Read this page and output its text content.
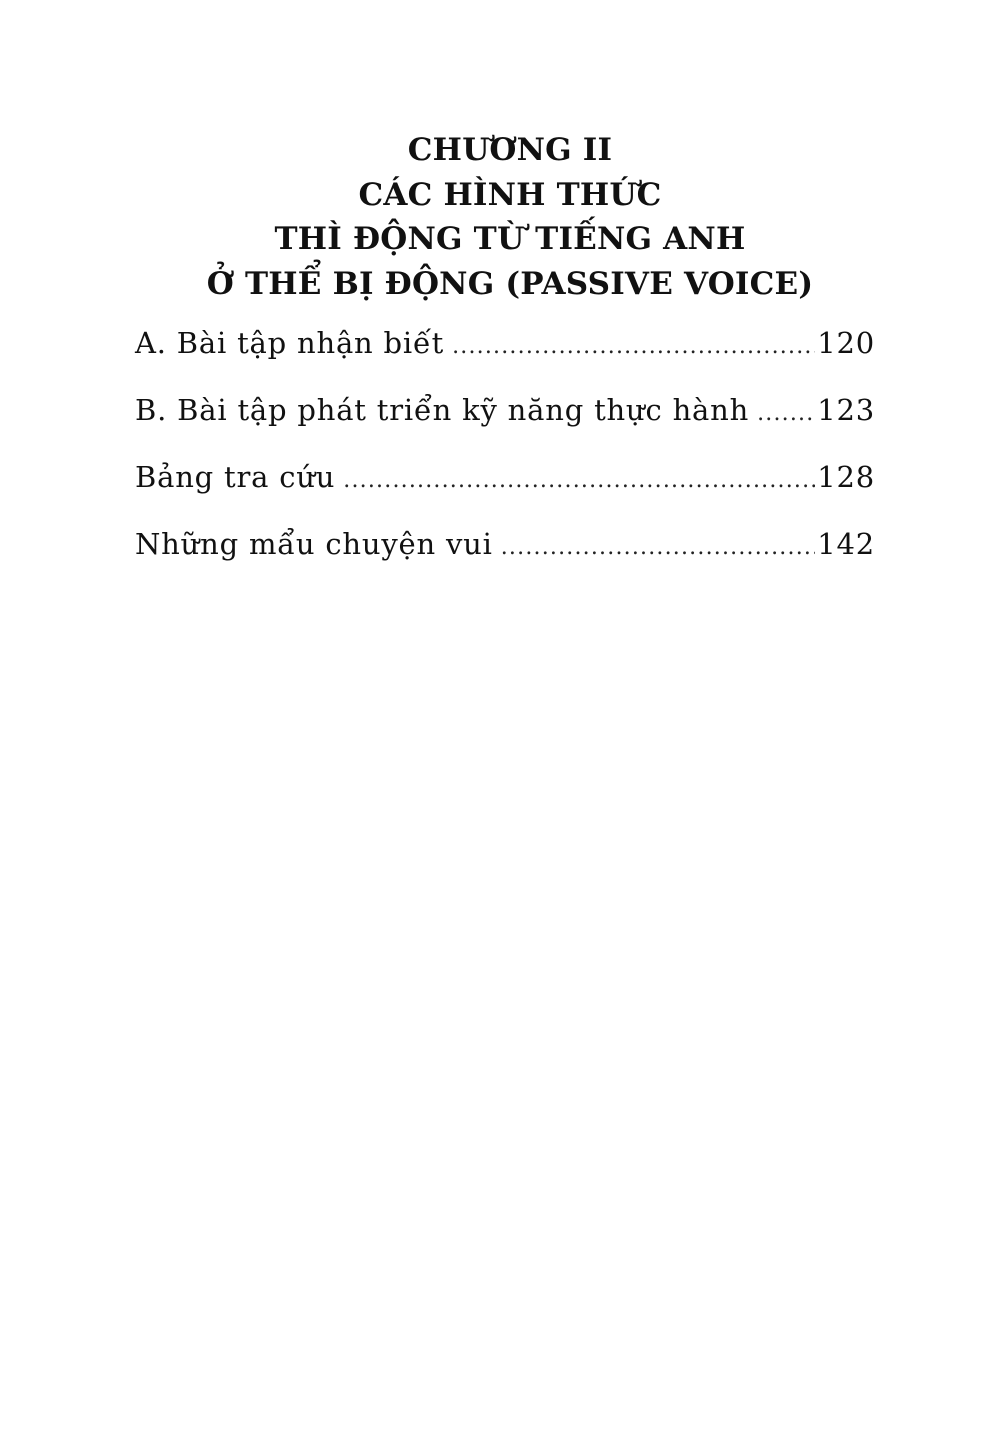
CHƯƠNG II
CÁC HÌNH THỨC
THÌ ĐỘNG TỪ TIẾNG ANH
Ở THỂ BỊ ĐỘNG (PASSIVE VOICE)
A. Bài tập nhận biết .....	120
B. Bài tập phát triển kỹ năng thực hành ..... 123
Bảng tra cứu .....	128
Những mẩu chuyện vui .....	142
